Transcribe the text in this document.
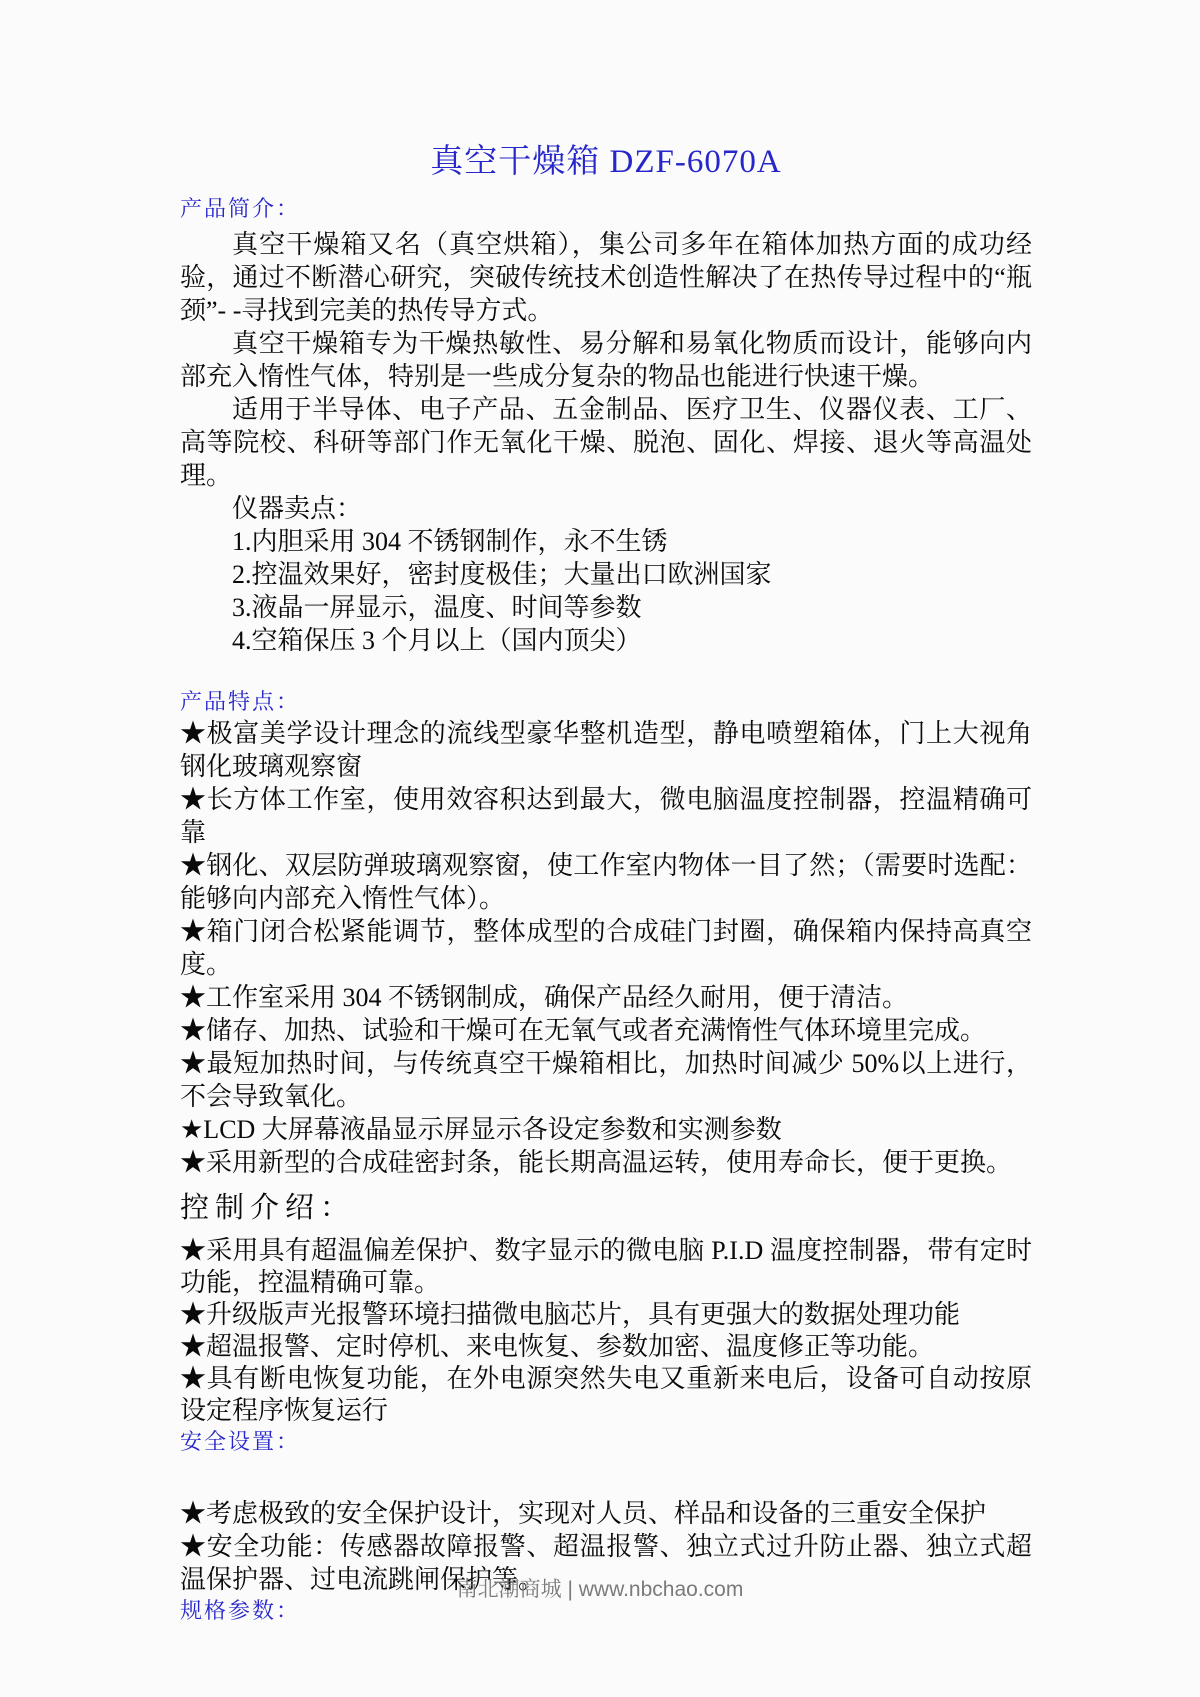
真空干燥箱 DZF-6070A
产品简介：

真空干燥箱又名（真空烘箱），集公司多年在箱体加热方面的成功经验，通过不断潜心研究，突破传统技术创造性解决了在热传导过程中的“瓶颈”- -寻找到完美的热传导方式。

真空干燥箱专为干燥热敏性、易分解和易氧化物质而设计，能够向内部充入惰性气体，特别是一些成分复杂的物品也能进行快速干燥。

适用于半导体、电子产品、五金制品、医疗卫生、仪器仪表、工厂、高等院校、科研等部门作无氧化干燥、脱泡、固化、焊接、退火等高温处理。

仪器卖点：

1.内胆采用 304 不锈钢制作，永不生锈

2.控温效果好，密封度极佳；大量出口欧洲国家

3.液晶一屏显示，温度、时间等参数

4.空箱保压 3 个月以上（国内顶尖）

产品特点：

★极富美学设计理念的流线型豪华整机造型，静电喷塑箱体，门上大视角钢化玻璃观察窗

★长方体工作室，使用效容积达到最大，微电脑温度控制器，控温精确可靠

★钢化、双层防弹玻璃观察窗，使工作室内物体一目了然；（需要时选配：能够向内部充入惰性气体）。

★箱门闭合松紧能调节，整体成型的合成硅门封圈，确保箱内保持高真空度。

★工作室采用 304 不锈钢制成，确保产品经久耐用，便于清洁。

★储存、加热、试验和干燥可在无氧气或者充满惰性气体环境里完成。

★最短加热时间，与传统真空干燥箱相比，加热时间减少 50%以上进行，不会导致氧化。

★LCD 大屏幕液晶显示屏显示各设定参数和实测参数

★采用新型的合成硅密封条，能长期高温运转，使用寿命长，便于更换。

控制介绍：

★采用具有超温偏差保护、数字显示的微电脑 P.I.D 温度控制器，带有定时功能，控温精确可靠。

★升级版声光报警环境扫描微电脑芯片，具有更强大的数据处理功能

★超温报警、定时停机、来电恢复、参数加密、温度修正等功能。

★具有断电恢复功能，在外电源突然失电又重新来电后，设备可自动按原设定程序恢复运行

安全设置：

★考虑极致的安全保护设计，实现对人员、样品和设备的三重安全保护

★安全功能：传感器故障报警、超温报警、独立式过升防止器、独立式超温保护器、过电流跳闸保护等。

规格参数：
南北潮商城 | www.nbchao.com
